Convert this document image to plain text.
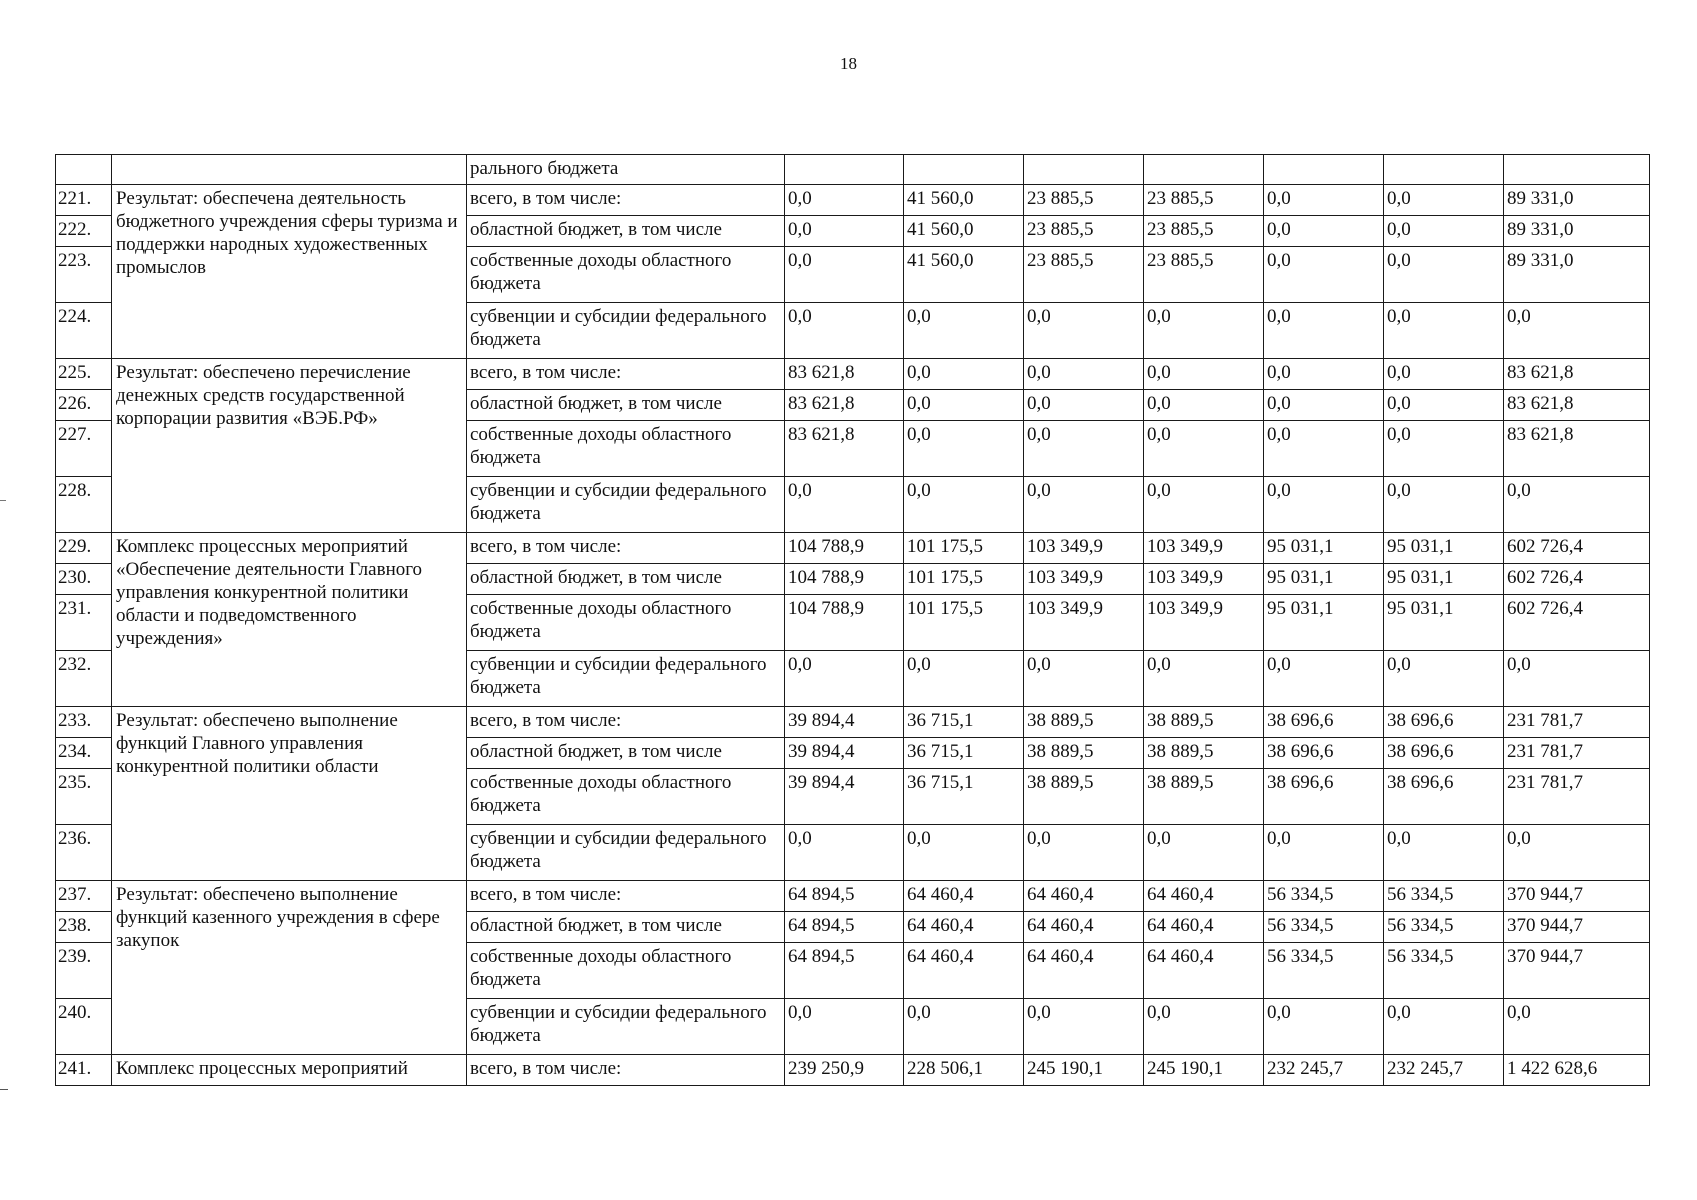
18
		рального бюджета							
221.	Результат: обеспечена деятельность бюджетного учреждения сферы туризма и поддержки народных художественных промыслов	всего, в том числе:	0,0	41 560,0	23 885,5	23 885,5	0,0	0,0	89 331,0
222.		областной бюджет, в том числе	0,0	41 560,0	23 885,5	23 885,5	0,0	0,0	89 331,0
223.		собственные доходы областного бюджета	0,0	41 560,0	23 885,5	23 885,5	0,0	0,0	89 331,0
224.		субвенции и субсидии федерального бюджета	0,0	0,0	0,0	0,0	0,0	0,0	0,0
225.	Результат: обеспечено перечисление денежных средств государственной корпорации развития «ВЭБ.РФ»	всего, в том числе:	83 621,8	0,0	0,0	0,0	0,0	0,0	83 621,8
226.		областной бюджет, в том числе	83 621,8	0,0	0,0	0,0	0,0	0,0	83 621,8
227.		собственные доходы областного бюджета	83 621,8	0,0	0,0	0,0	0,0	0,0	83 621,8
228.		субвенции и субсидии федерального бюджета	0,0	0,0	0,0	0,0	0,0	0,0	0,0
229.	Комплекс процессных мероприятий «Обеспечение деятельности Главного управления конкурентной политики области и подведомственного учреждения»	всего, в том числе:	104 788,9	101 175,5	103 349,9	103 349,9	95 031,1	95 031,1	602 726,4
230.		областной бюджет, в том числе	104 788,9	101 175,5	103 349,9	103 349,9	95 031,1	95 031,1	602 726,4
231.		собственные доходы областного бюджета	104 788,9	101 175,5	103 349,9	103 349,9	95 031,1	95 031,1	602 726,4
232.		субвенции и субсидии федерального бюджета	0,0	0,0	0,0	0,0	0,0	0,0	0,0
233.	Результат: обеспечено выполнение функций Главного управления конкурентной политики области	всего, в том числе:	39 894,4	36 715,1	38 889,5	38 889,5	38 696,6	38 696,6	231 781,7
234.		областной бюджет, в том числе	39 894,4	36 715,1	38 889,5	38 889,5	38 696,6	38 696,6	231 781,7
235.		собственные доходы областного бюджета	39 894,4	36 715,1	38 889,5	38 889,5	38 696,6	38 696,6	231 781,7
236.		субвенции и субсидии федерального бюджета	0,0	0,0	0,0	0,0	0,0	0,0	0,0
237.	Результат: обеспечено выполнение функций казенного учреждения в сфере закупок	всего, в том числе:	64 894,5	64 460,4	64 460,4	64 460,4	56 334,5	56 334,5	370 944,7
238.		областной бюджет, в том числе	64 894,5	64 460,4	64 460,4	64 460,4	56 334,5	56 334,5	370 944,7
239.		собственные доходы областного бюджета	64 894,5	64 460,4	64 460,4	64 460,4	56 334,5	56 334,5	370 944,7
240.		субвенции и субсидии федерального бюджета	0,0	0,0	0,0	0,0	0,0	0,0	0,0
241.	Комплекс процессных мероприятий	всего, в том числе:	239 250,9	228 506,1	245 190,1	245 190,1	232 245,7	232 245,7	1 422 628,6
